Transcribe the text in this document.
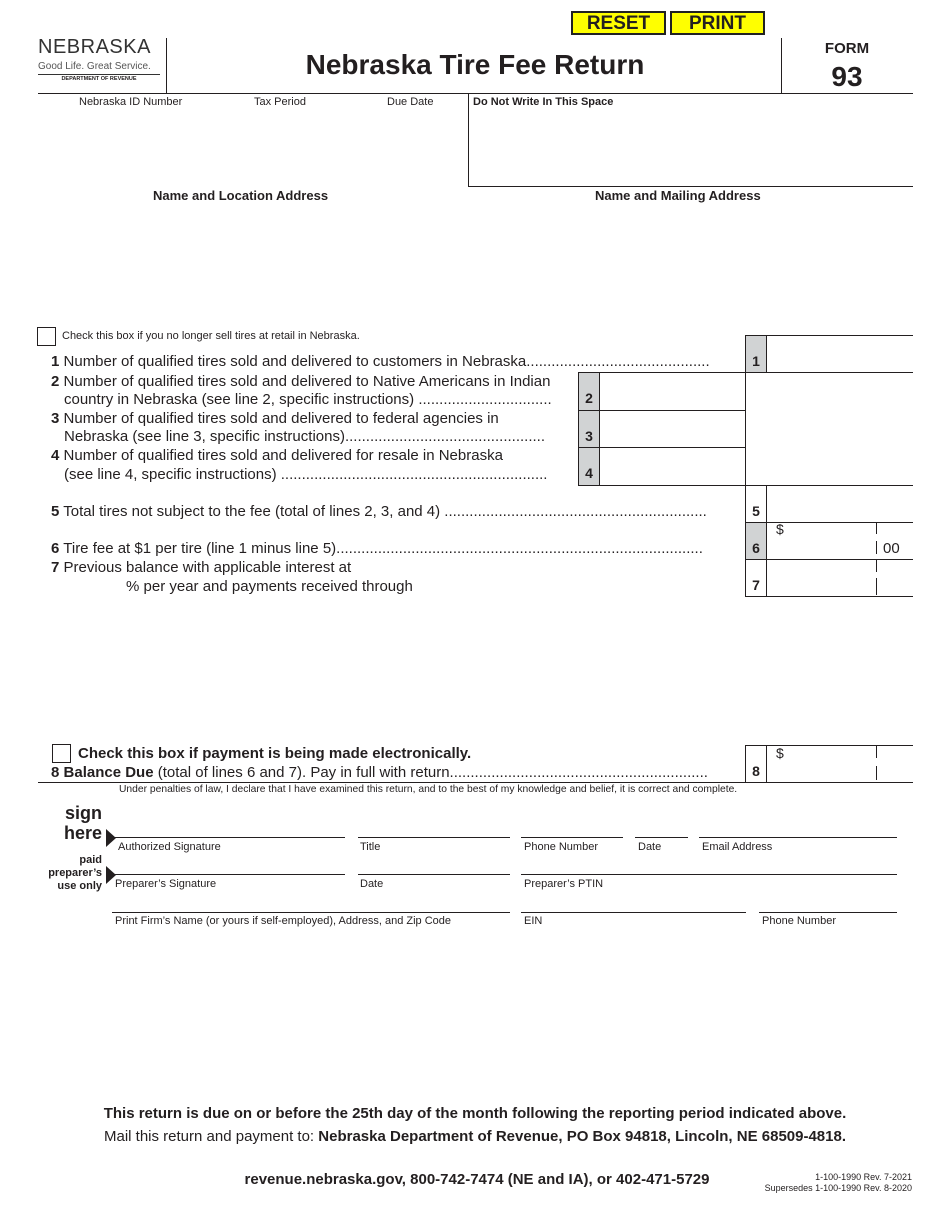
RESET	PRINT
NEBRASKA
Good Life. Great Service.
DEPARTMENT OF REVENUE	Nebraska Tire Fee Return
FORM
93
Nebraska ID Number	Tax Period	Due Date	Do Not Write In This Space
Name and Location Address	Name and Mailing Address
Check this box if you no longer sell tires at retail in Nebraska.
1 Number of qualified tires sold and delivered to customers in Nebraska............................................	1
2 Number of qualified tires sold and delivered to Native Americans in Indian
country in Nebraska (see line 2, specific instructions) ................................	2
3 Number of qualified tires sold and delivered to federal agencies in
Nebraska (see line 3, specific instructions)................................................	3
4 Number of qualified tires sold and delivered for resale in Nebraska
(see line 4, specific instructions) ................................................................	4
5 Total tires not subject to the fee (total of lines 2, 3, and 4) ...............................................................	5
6 Tire fee at $1 per tire (line 1 minus line 5)........................................................................................	6
$
00
7 Previous balance with applicable interest at
% per year and payments received through	7
Check this box if payment is being made electronically.
8 Balance Due (total of lines 6 and 7). Pay in full with return..............................................................	8
$
Under penalties of law, I declare that I have examined this return, and to the best of my knowledge and belief, it is correct and complete.
sign
here
Authorized Signature	Title	Phone Number	Date	Email Address
paid
preparer’s
use only Preparer’s Signature	Date	Preparer’s PTIN
Print Firm’s Name (or yours if self-employed), Address, and Zip Code	EIN	Phone Number
This return is due on or before the 25th day of the month following the reporting period indicated above.
Mail this return and payment to: Nebraska Department of Revenue, PO Box 94818, Lincoln, NE 68509-4818.
revenue.nebraska.gov, 800-742-7474 (NE and IA), or 402-471-5729	1-100-1990 Rev. 7-2021
Supersedes 1-100-1990 Rev. 8-2020
